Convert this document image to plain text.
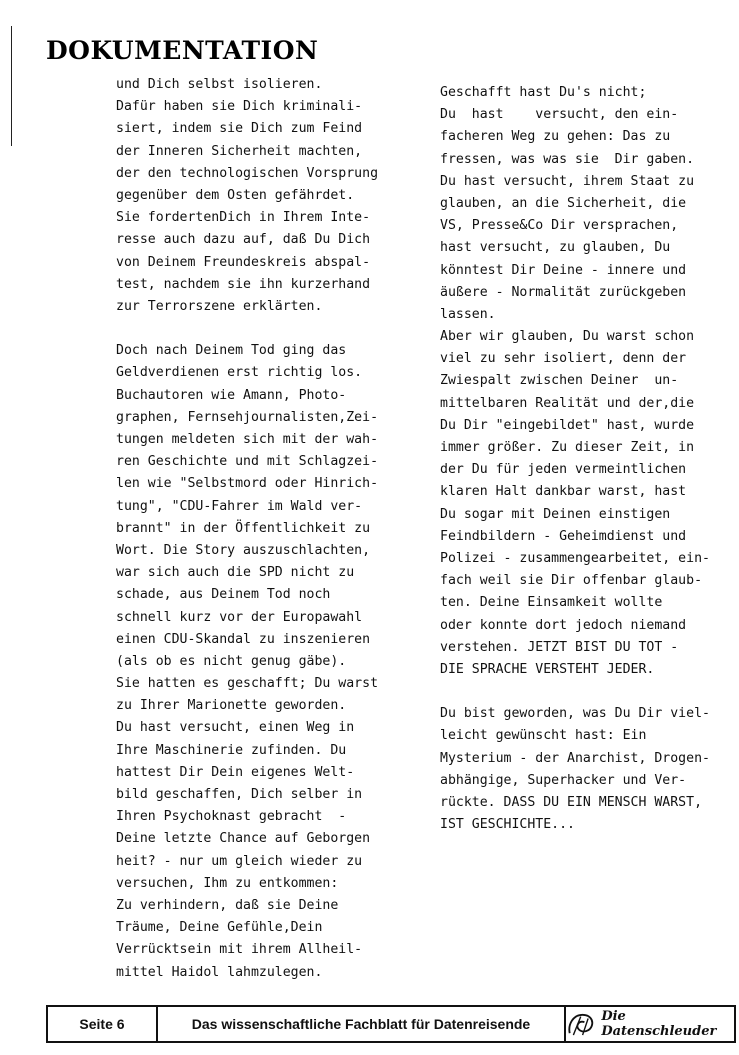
DOKUMENTATION
und Dich selbst isolieren.
Dafür haben sie Dich kriminali-
siert, indem sie Dich zum Feind
der Inneren Sicherheit machten,
der den technologischen Vorsprung
gegenüber dem Osten gefährdet.
Sie fordertenDich in Ihrem Inte-
resse auch dazu auf, daß Du Dich
von Deinem Freundeskreis abspal-
test, nachdem sie ihn kurzerhand
zur Terrorszene erklärten.
Doch nach Deinem Tod ging das
Geldverdienen erst richtig los.
Buchautoren wie Amann, Photo-
graphen, Fernsehjournalisten,Zei-
tungen meldeten sich mit der wah-
ren Geschichte und mit Schlagzei-
len wie "Selbstmord oder Hinrich-
tung", "CDU-Fahrer im Wald ver-
brannt" in der Öffentlichkeit zu
Wort. Die Story auszuschlachten,
war sich auch die SPD nicht zu
schade, aus Deinem Tod noch
schnell kurz vor der Europawahl
einen CDU-Skandal zu inszenieren
(als ob es nicht genug gäbe).
Sie hatten es geschafft; Du warst
zu Ihrer Marionette geworden.
Du hast versucht, einen Weg in
Ihre Maschinerie zufinden. Du
hattest Dir Dein eigenes Welt-
bild geschaffen, Dich selber in
Ihren Psychoknast gebracht  -
Deine letzte Chance auf Geborgen
heit? - nur um gleich wieder zu
versuchen, Ihm zu entkommen:
Zu verhindern, daß sie Deine
Träume, Deine Gefühle,Dein
Verrücktsein mit ihrem Allheil-
mittel Haidol lahmzulegen.
Geschafft hast Du's nicht;
Du  hast    versucht, den ein-
facheren Weg zu gehen: Das zu
fressen, was was sie  Dir gaben.
Du hast versucht, ihrem Staat zu
glauben, an die Sicherheit, die
VS, Presse&Co Dir versprachen,
hast versucht, zu glauben, Du
könntest Dir Deine - innere und
äußere - Normalität zurückgeben
lassen.
Aber wir glauben, Du warst schon
viel zu sehr isoliert, denn der
Zwiespalt zwischen Deiner  un-
mittelbaren Realität und der,die
Du Dir "eingebildet" hast, wurde
immer größer. Zu dieser Zeit, in
der Du für jeden vermeintlichen
klaren Halt dankbar warst, hast
Du sogar mit Deinen einstigen
Feindbildern - Geheimdienst und
Polizei - zusammengearbeitet, ein-
fach weil sie Dir offenbar glaub-
ten. Deine Einsamkeit wollte
oder konnte dort jedoch niemand
verstehen. JETZT BIST DU TOT -
DIE SPRACHE VERSTEHT JEDER.
Du bist geworden, was Du Dir viel-
leicht gewünscht hast: Ein
Mysterium - der Anarchist, Drogen-
abhängige, Superhacker und Ver-
rückte. DASS DU EIN MENSCH WARST,
IST GESCHICHTE...
Seite 6	Das wissenschaftliche Fachblatt für Datenreisende	Die Datenschleuder
